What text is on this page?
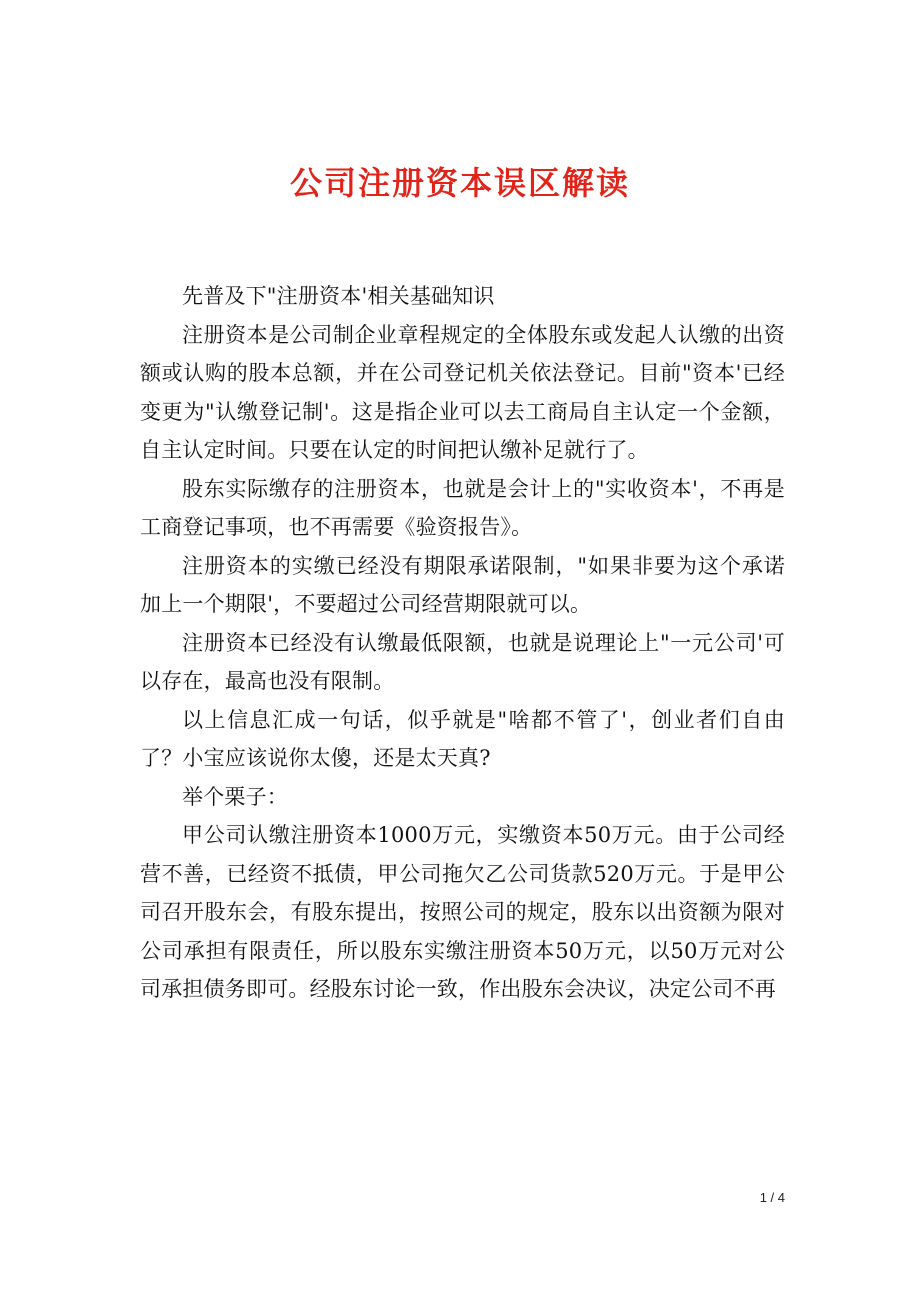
公司注册资本误区解读

先普及下"注册资本'相关基础知识

注册资本是公司制企业章程规定的全体股东或发起人认缴的出资额或认购的股本总额，并在公司登记机关依法登记。目前"资本'已经变更为"认缴登记制'。这是指企业可以去工商局自主认定一个金额，自主认定时间。只要在认定的时间把认缴补足就行了。

股东实际缴存的注册资本，也就是会计上的"实收资本'，不再是工商登记事项，也不再需要《验资报告》。

注册资本的实缴已经没有期限承诺限制，"如果非要为这个承诺加上一个期限'，不要超过公司经营期限就可以。

注册资本已经没有认缴最低限额，也就是说理论上"一元公司'可以存在，最高也没有限制。

以上信息汇成一句话，似乎就是"啥都不管了'，创业者们自由了？小宝应该说你太傻，还是太天真?

举个栗子：

甲公司认缴注册资本1000万元，实缴资本50万元。由于公司经营不善，已经资不抵债，甲公司拖欠乙公司货款520万元。于是甲公司召开股东会，有股东提出，按照公司的规定，股东以出资额为限对公司承担有限责任，所以股东实缴注册资本50万元，以50万元对公司承担债务即可。经股东讨论一致，作出股东会决议，决定公司不再

1 / 4
